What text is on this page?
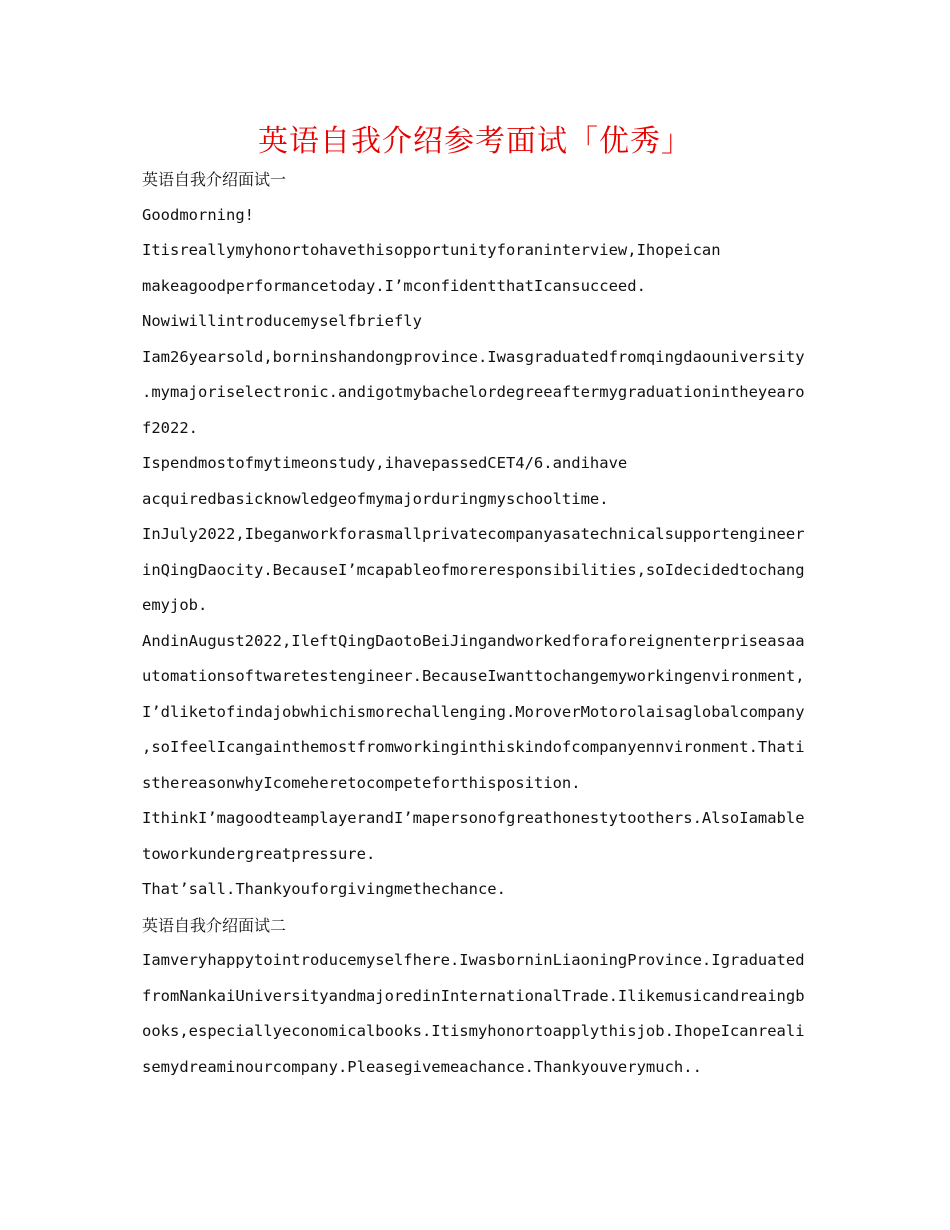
英语自我介绍参考面试「优秀」
英语自我介绍面试一
Goodmorning!
Itisreallymyhonortohavethisopportunityforaninterview,Ihopeican
makeagoodperformancetoday.I’mconfidentthatIcansucceed.
Nowiwillintroducemyselfbriefly
Iam26yearsold,borninshandongprovince.Iwasgraduatedfromqingdaouniversity
.mymajoriselectronic.andigotmybachelordegreeaftermygraduationintheyearo
f2022.
Ispendmostofmytimeonstudy,ihavepassedCET4/6.andihave
acquiredbasicknowledgeofmymajorduringmyschooltime.
InJuly2022,Ibeganworkforasmallprivatecompanyasatechnicalsupportengineer
inQingDaocity.BecauseI’mcapableofmoreresponsibilities,soIdecidedtochang
emyjob.
AndinAugust2022,IleftQingDaotoBeiJingandworkedforaforeignenterpriseasaa
utomationsoftwaretestengineer.BecauseIwanttochangemyworkingenvironment,
I’dliketofindajobwhichismorechallenging.MoroverMotorolaisaglobalcompany
,soIfeelIcangainthemostfromworkinginthiskindofcompanyennvironment.Thati
sthereasonwhyIcomeheretocompeteforthisposition.
IthinkI’magoodteamplayerandI’mapersonofgreathonestytoothers.AlsoIamable
toworkundergreatpressure.
That’sall.Thankyouforgivingmethechance.
英语自我介绍面试二
Iamveryhappytointroducemyselfhere.IwasborninLiaoningProvince.Igraduated
fromNankaiUniversityandmajoredinInternationalTrade.Ilikemusicandreaingb
ooks,especiallyeconomicalbooks.Itismyhonortoapplythisjob.IhopeIcanreali
semydreaminourcompany.Pleasegivemeachance.Thankyouverymuch..
